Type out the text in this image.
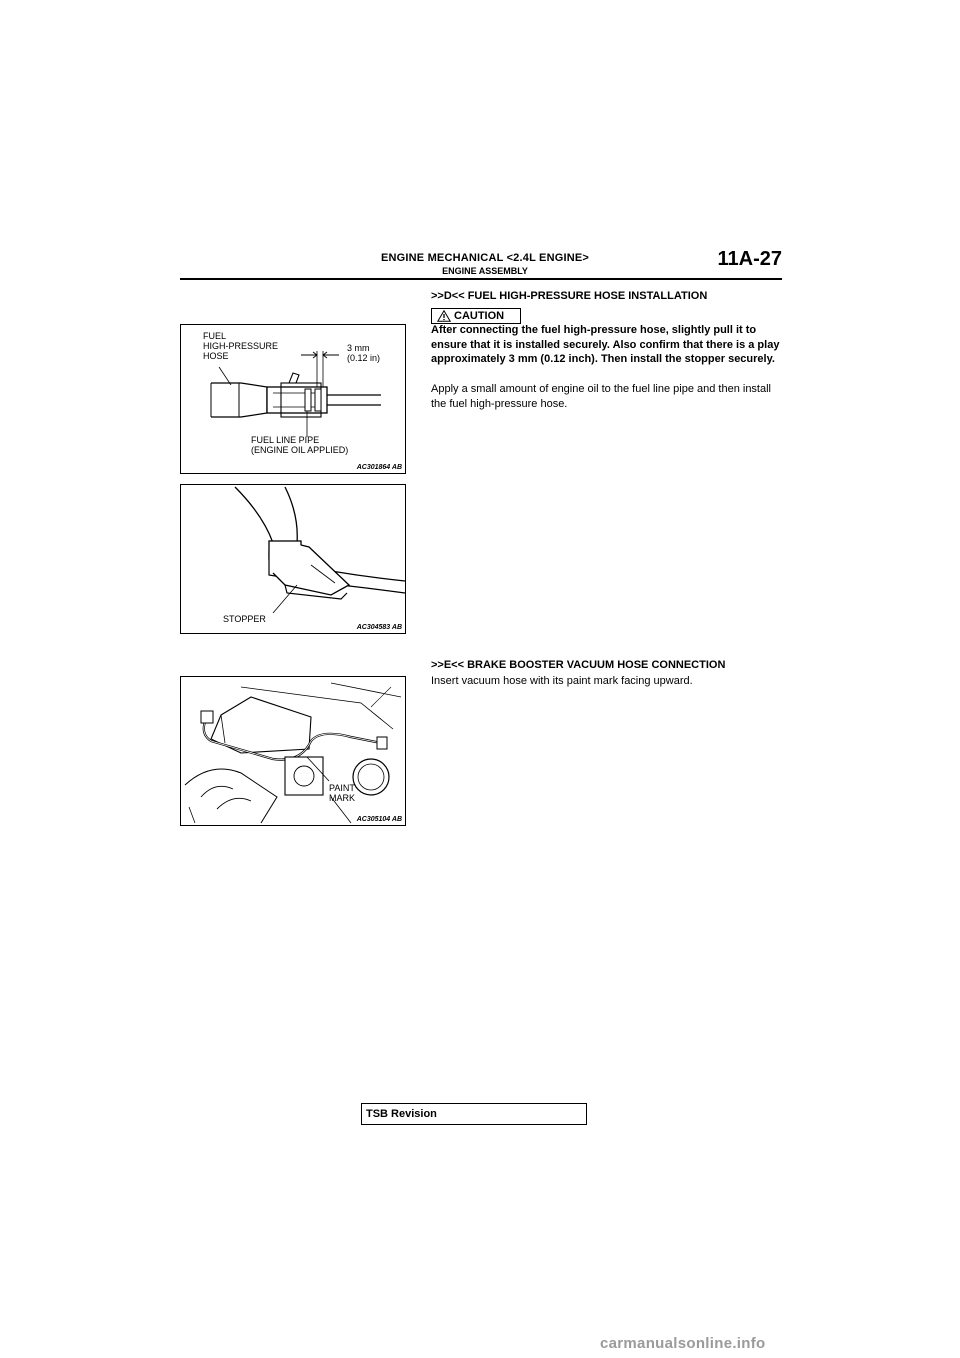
ENGINE MECHANICAL <2.4L ENGINE>
ENGINE ASSEMBLY
11A-27
FUEL
HIGH-PRESSURE
HOSE
3 mm
(0.12 in)
FUEL LINE PIPE
(ENGINE OIL APPLIED)
AC301864 AB
STOPPER
AC304583 AB
PAINT
MARK
AC305104 AB
>>D<< FUEL HIGH-PRESSURE HOSE INSTALLATION
CAUTION
After connecting the fuel high-pressure hose, slightly pull it to ensure that it is installed securely. Also confirm that there is a play approximately 3 mm (0.12 inch). Then install the stopper securely.
Apply a small amount of engine oil to the fuel line pipe and then install the fuel high-pressure hose.
>>E<< BRAKE BOOSTER VACUUM HOSE CONNECTION
Insert vacuum hose with its paint mark facing upward.
TSB Revision
carmanualsonline.info
